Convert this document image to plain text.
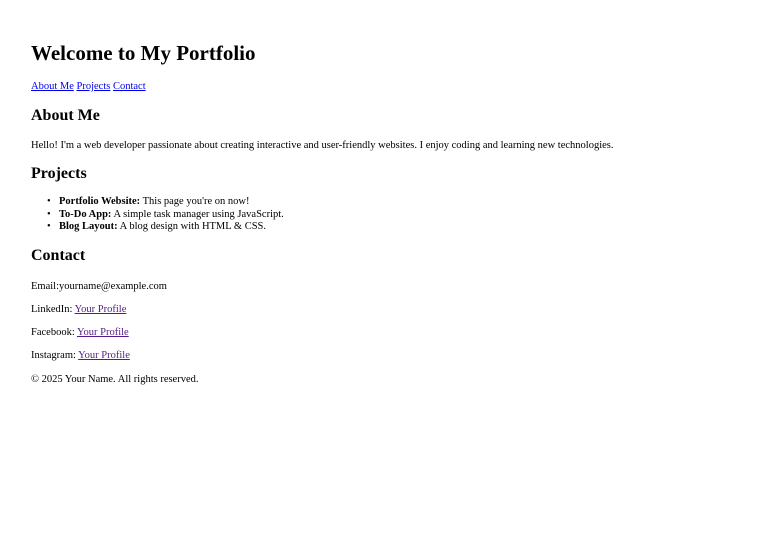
Welcome to My Portfolio
About Me Projects Contact
About Me

Hello! I'm a web developer passionate about creating interactive and user-friendly websites. I enjoy coding and learning new technologies.

Projects
• Portfolio Website: This page you're on now!
• To-Do App: A simple task manager using JavaScript.
• Blog Layout: A blog design with HTML & CSS.
Contact

Email:yourname@example.com

LinkedIn: Your Profile

Facebook: Your Profile

Instagram: Your Profile

© 2025 Your Name. All rights reserved.
